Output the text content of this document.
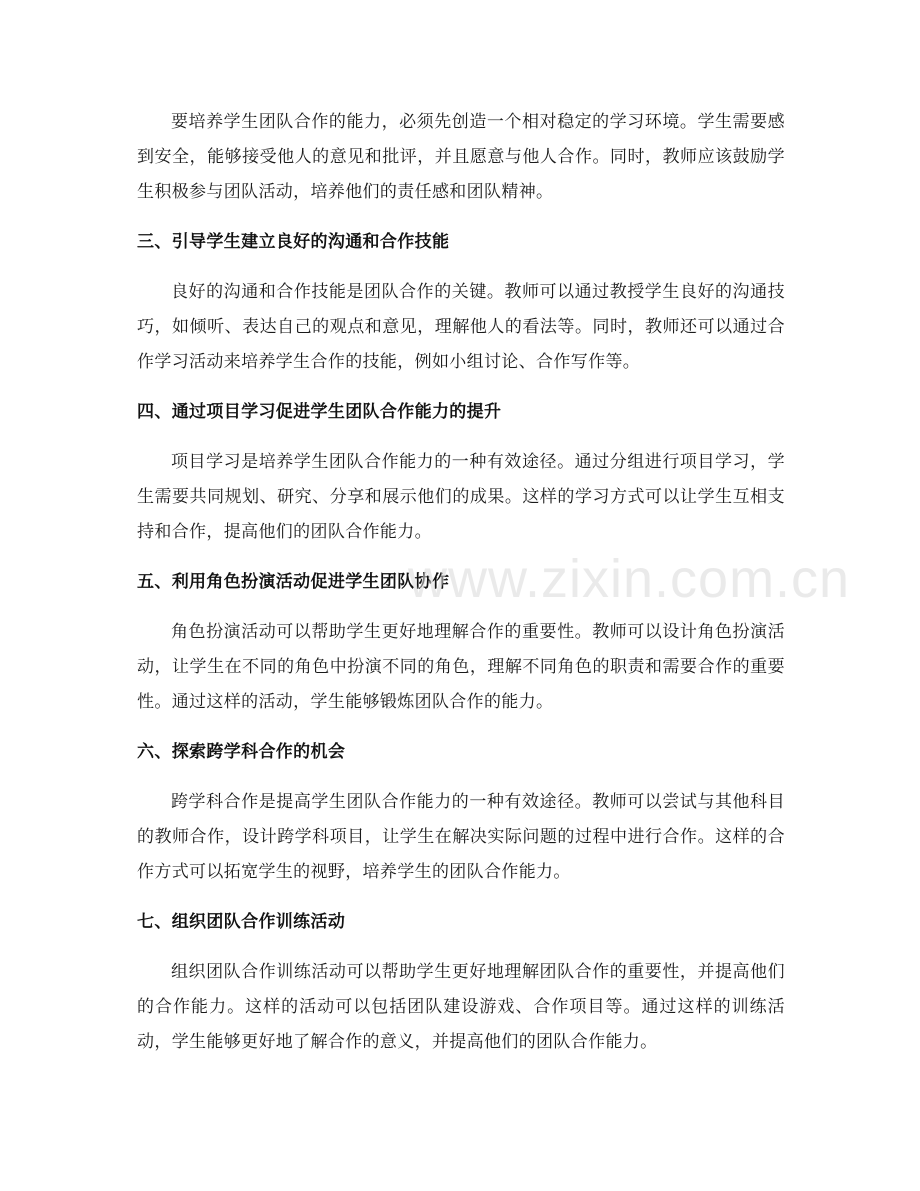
要培养学生团队合作的能力，必须先创造一个相对稳定的学习环境。学生需要感到安全，能够接受他人的意见和批评，并且愿意与他人合作。同时，教师应该鼓励学生积极参与团队活动，培养他们的责任感和团队精神。

三、引导学生建立良好的沟通和合作技能

良好的沟通和合作技能是团队合作的关键。教师可以通过教授学生良好的沟通技巧，如倾听、表达自己的观点和意见，理解他人的看法等。同时，教师还可以通过合作学习活动来培养学生合作的技能，例如小组讨论、合作写作等。

四、通过项目学习促进学生团队合作能力的提升

项目学习是培养学生团队合作能力的一种有效途径。通过分组进行项目学习，学生需要共同规划、研究、分享和展示他们的成果。这样的学习方式可以让学生互相支持和合作，提高他们的团队合作能力。

五、利用角色扮演活动促进学生团队协作

角色扮演活动可以帮助学生更好地理解合作的重要性。教师可以设计角色扮演活动，让学生在不同的角色中扮演不同的角色，理解不同角色的职责和需要合作的重要性。通过这样的活动，学生能够锻炼团队合作的能力。

六、探索跨学科合作的机会

跨学科合作是提高学生团队合作能力的一种有效途径。教师可以尝试与其他科目的教师合作，设计跨学科项目，让学生在解决实际问题的过程中进行合作。这样的合作方式可以拓宽学生的视野，培养学生的团队合作能力。

七、组织团队合作训练活动

组织团队合作训练活动可以帮助学生更好地理解团队合作的重要性，并提高他们的合作能力。这样的活动可以包括团队建设游戏、合作项目等。通过这样的训练活动，学生能够更好地了解合作的意义，并提高他们的团队合作能力。

www.zixin.com.cn
